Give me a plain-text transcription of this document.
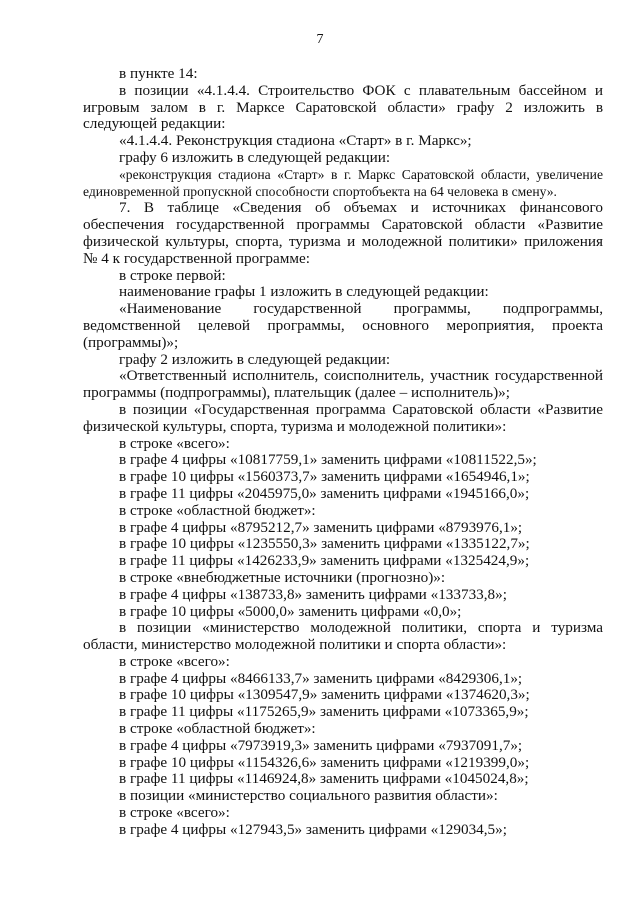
7

в пункте 14:

в позиции «4.1.4.4. Строительство ФОК с плавательным бассейном и игровым залом в г. Марксе Саратовской области» графу 2 изложить в следующей редакции:

«4.1.4.4. Реконструкция стадиона «Старт» в г. Маркс»;

графу 6 изложить в следующей редакции:

«реконструкция стадиона «Старт» в г. Маркс Саратовской области, увеличение единовременной пропускной способности спортобъекта на 64 человека в смену».

7. В таблице «Сведения об объемах и источниках финансового обеспечения государственной программы Саратовской области «Развитие физической культуры, спорта, туризма и молодежной политики» приложения № 4 к государственной программе:

в строке первой:

наименование графы 1 изложить в следующей редакции:

«Наименование государственной программы, подпрограммы, ведомственной целевой программы, основного мероприятия, проекта (программы)»;

графу 2 изложить в следующей редакции:

«Ответственный исполнитель, соисполнитель, участник государственной программы (подпрограммы), плательщик (далее – исполнитель)»;

в позиции «Государственная программа Саратовской области «Развитие физической культуры, спорта, туризма и молодежной политики»:

в строке «всего»:

в графе 4 цифры «10817759,1» заменить цифрами «10811522,5»;

в графе 10 цифры «1560373,7» заменить цифрами «1654946,1»;

в графе 11 цифры «2045975,0» заменить цифрами «1945166,0»;

в строке «областной бюджет»:

в графе 4 цифры «8795212,7» заменить цифрами «8793976,1»;

в графе 10 цифры «1235550,3» заменить цифрами «1335122,7»;

в графе 11 цифры «1426233,9» заменить цифрами «1325424,9»;

в строке «внебюджетные источники (прогнозно)»:

в графе 4 цифры «138733,8» заменить цифрами «133733,8»;

в графе 10 цифры «5000,0» заменить цифрами «0,0»;

в позиции «министерство молодежной политики, спорта и туризма области, министерство молодежной политики и спорта области»:

в строке «всего»:

в графе 4 цифры «8466133,7» заменить цифрами «8429306,1»;

в графе 10 цифры «1309547,9» заменить цифрами «1374620,3»;

в графе 11 цифры «1175265,9» заменить цифрами «1073365,9»;

в строке «областной бюджет»:

в графе 4 цифры «7973919,3» заменить цифрами «7937091,7»;

в графе 10 цифры «1154326,6» заменить цифрами «1219399,0»;

в графе 11 цифры «1146924,8» заменить цифрами «1045024,8»;

в позиции «министерство социального развития области»:

в строке «всего»:

в графе 4 цифры «127943,5» заменить цифрами «129034,5»;
